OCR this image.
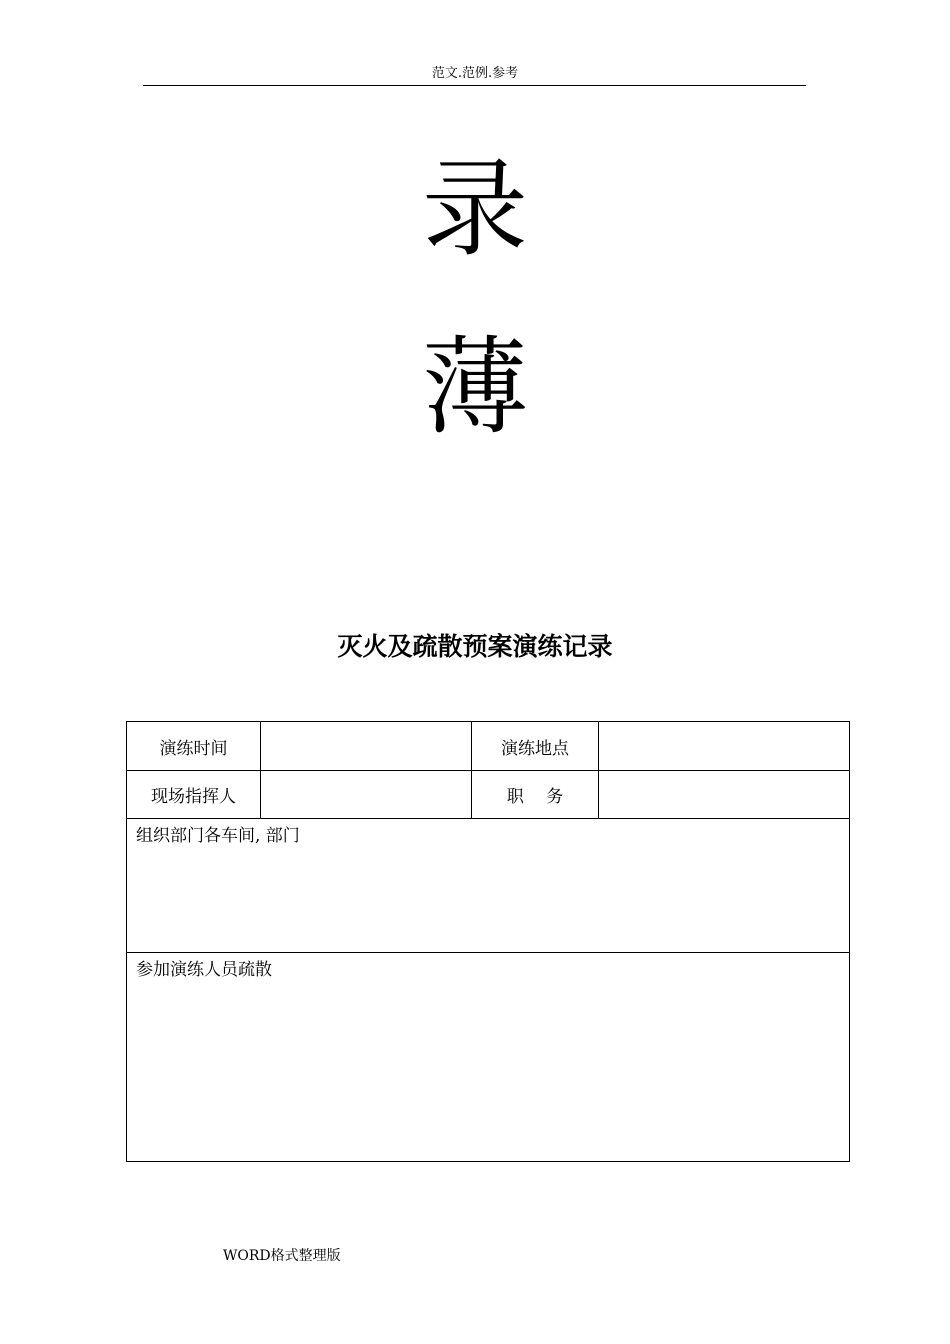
范文.范例.参考
录
薄
灭火及疏散预案演练记录
演练时间		演练地点	
现场指挥人		职　 务	
组织部门各车间, 部门			
参加演练人员疏散			
WORD格式整理版
